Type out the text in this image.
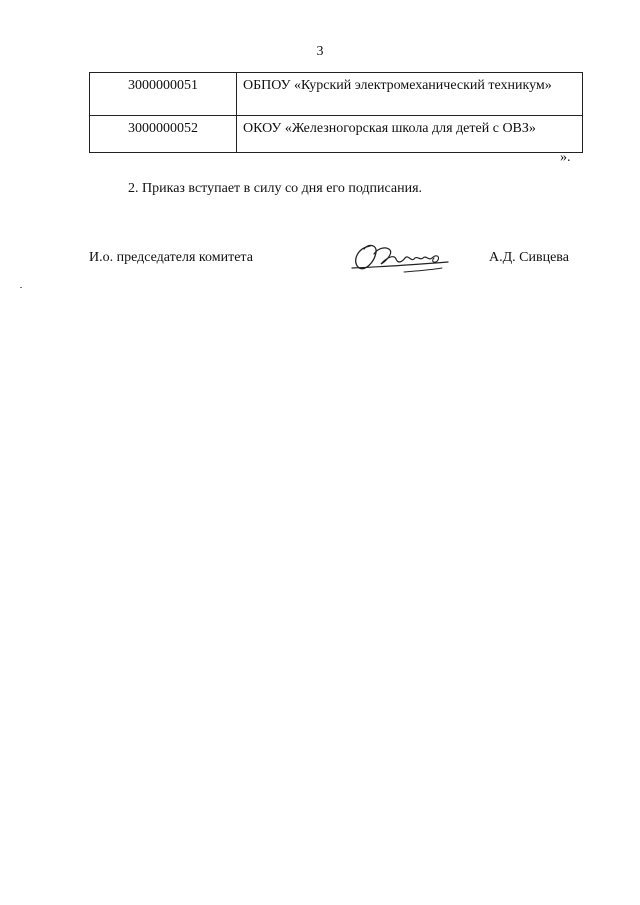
3
3000000051	ОБПОУ «Курский электромеханический техникум»
3000000052	ОКОУ «Железногорская школа для детей с ОВЗ»
».
2. Приказ вступает в силу со дня его подписания.
И.о. председателя комитета	А.Д. Сивцева
